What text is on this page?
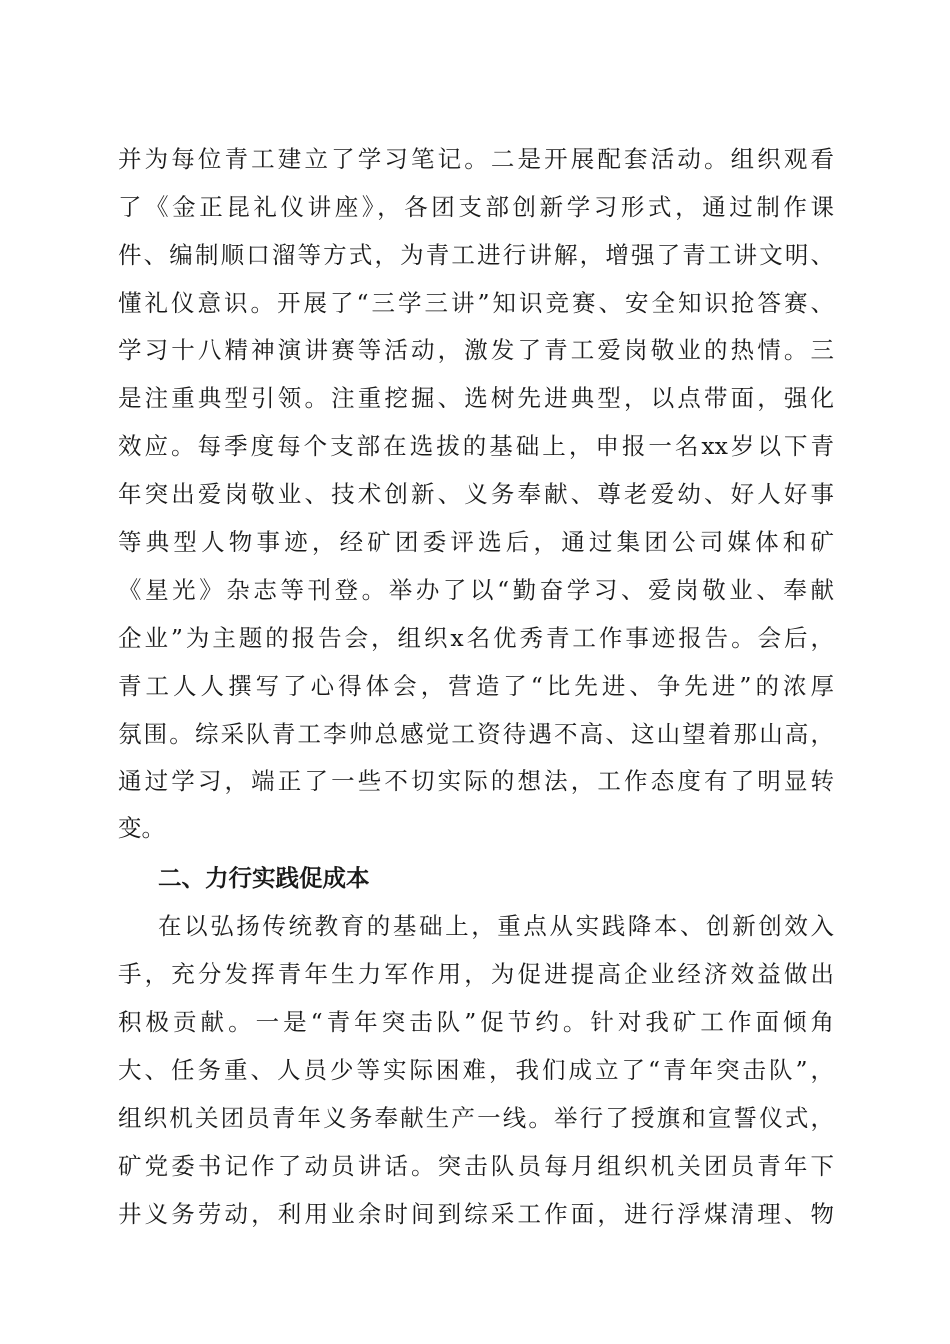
并为每位青工建立了学习笔记。二是开展配套活动。组织观看
了《金正昆礼仪讲座》，各团支部创新学习形式，通过制作课
件、编制顺口溜等方式，为青工进行讲解，增强了青工讲文明、
懂礼仪意识。开展了“三学三讲”知识竞赛、安全知识抢答赛、
学习十八精神演讲赛等活动，激发了青工爱岗敬业的热情。三
是注重典型引领。注重挖掘、选树先进典型，以点带面，强化
效应。每季度每个支部在选拔的基础上，申报一名xx岁以下青
年突出爱岗敬业、技术创新、义务奉献、尊老爱幼、好人好事
等典型人物事迹，经矿团委评选后，通过集团公司媒体和矿
《星光》杂志等刊登。举办了以“勤奋学习、爱岗敬业、奉献
企业”为主题的报告会，组织x名优秀青工作事迹报告。会后，
青工人人撰写了心得体会，营造了“比先进、争先进”的浓厚
氛围。综采队青工李帅总感觉工资待遇不高、这山望着那山高，
通过学习，端正了一些不切实际的想法，工作态度有了明显转
变。
二、力行实践促成本
在以弘扬传统教育的基础上，重点从实践降本、创新创效入
手，充分发挥青年生力军作用，为促进提高企业经济效益做出
积极贡献。一是“青年突击队”促节约。针对我矿工作面倾角
大、任务重、人员少等实际困难，我们成立了“青年突击队”，
组织机关团员青年义务奉献生产一线。举行了授旗和宣誓仪式，
矿党委书记作了动员讲话。突击队员每月组织机关团员青年下
井义务劳动，利用业余时间到综采工作面，进行浮煤清理、物
